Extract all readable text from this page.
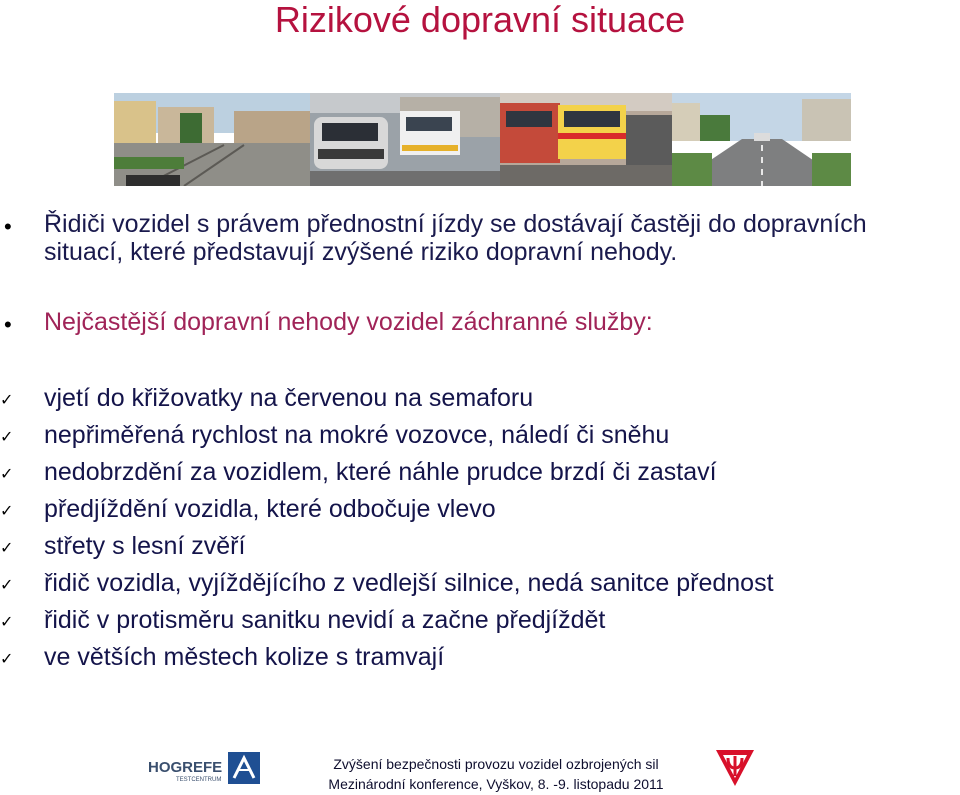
Rizikové dopravní situace
• Řidiči vozidel s právem přednostní jízdy se dostávají častěji do dopravních situací, které představují zvýšené riziko dopravní nehody.
• Nejčastější dopravní nehody vozidel záchranné služby:
✓ vjetí do křižovatky na červenou na semaforu
✓ nepřiměřená rychlost na mokré vozovce, náledí či sněhu
✓ nedobrzdění za vozidlem, které náhle prudce brzdí či zastaví
✓ předjíždění vozidla, které odbočuje vlevo
✓ střety s lesní zvěří
✓ řidič vozidla, vyjíždějícího z vedlejší silnice, nedá sanitce přednost
✓ řidič v protisměru sanitku nevidí a začne předjíždět
✓ ve větších městech kolize s tramvají
HOGREFE
TESTCENTRUM
Zvýšení bezpečnosti provozu vozidel ozbrojených sil
Mezinárodní konference, Vyškov, 8. -9. listopadu 2011
